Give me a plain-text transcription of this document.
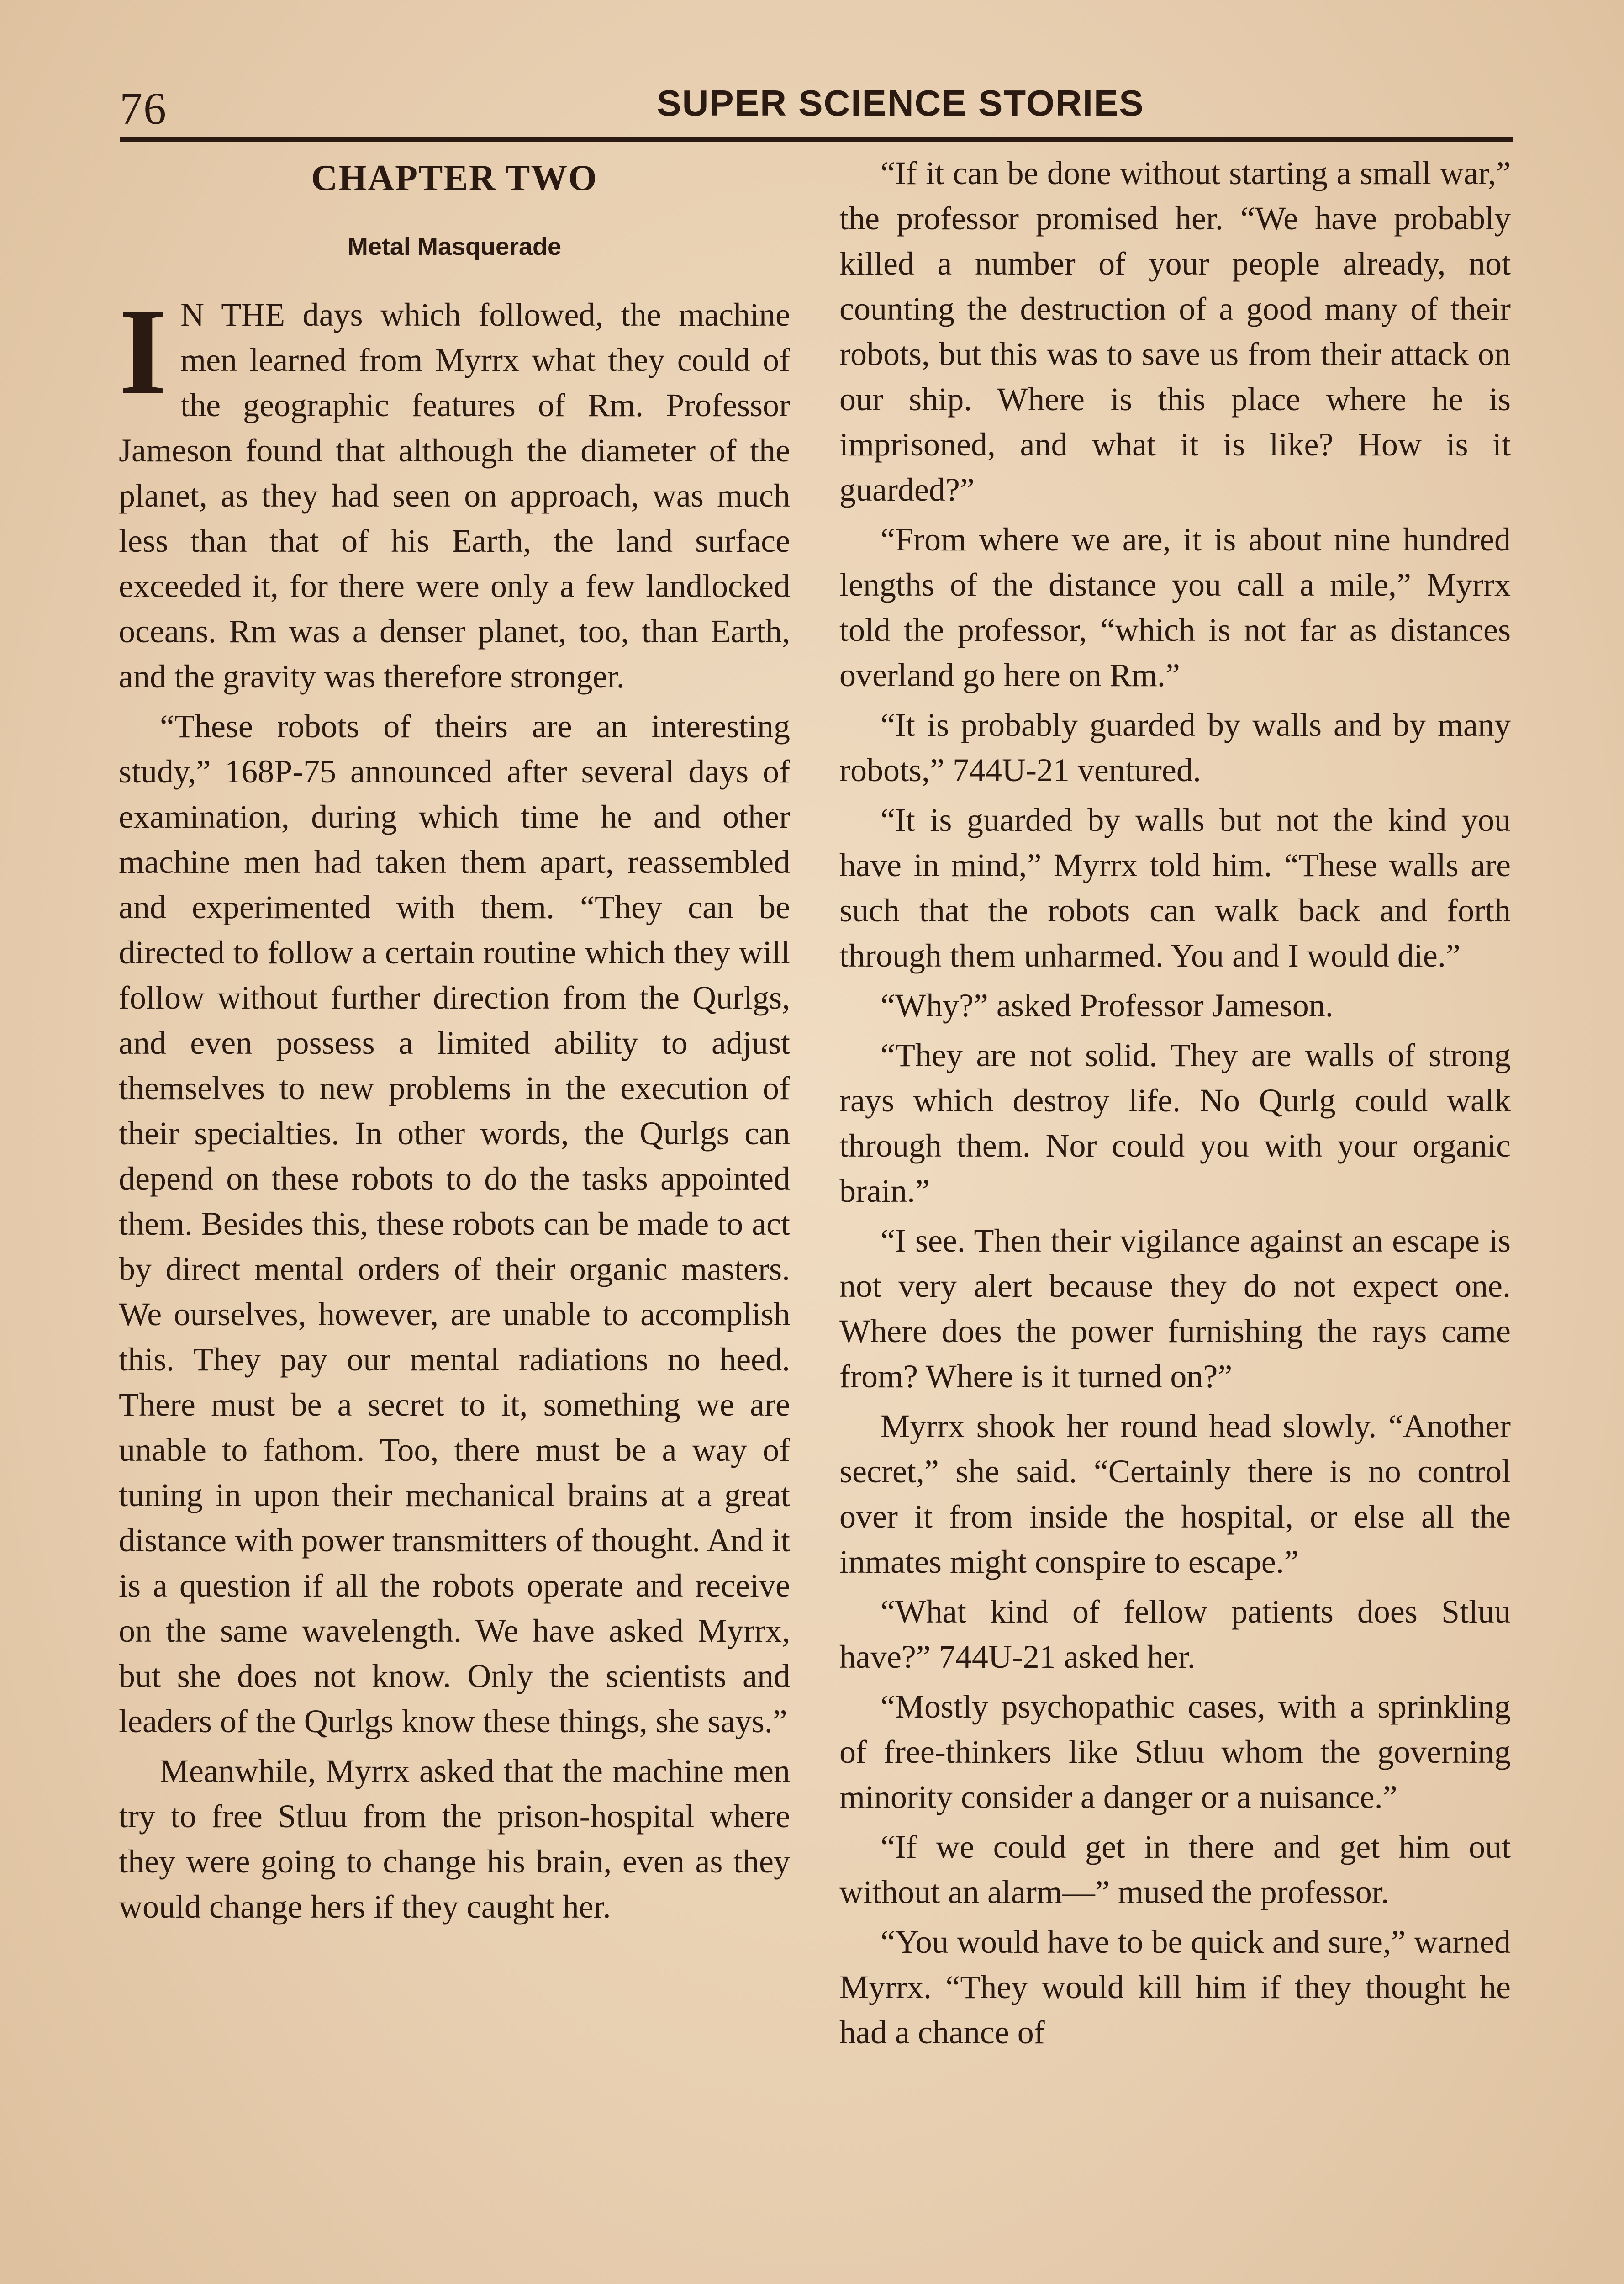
76	SUPER SCIENCE STORIES
CHAPTER TWO
Metal Masquerade

I N THE days which followed, the machine men learned from Myrrx what they could of the geographic features of Rm. Professor Jameson found that although the diameter of the planet, as they had seen on approach, was much less than that of his Earth, the land surface exceeded it, for there were only a few landlocked oceans. Rm was a denser planet, too, than Earth, and the gravity was therefore stronger.

“These robots of theirs are an interesting study,” 168P-75 announced after several days of examination, during which time he and other machine men had taken them apart, reassembled and experimented with them. “They can be directed to follow a certain routine which they will follow without further direction from the Qurlgs, and even possess a limited ability to adjust themselves to new problems in the execution of their specialties. In other words, the Qurlgs can depend on these robots to do the tasks appointed them. Besides this, these robots can be made to act by direct mental orders of their organic masters. We ourselves, however, are unable to accomplish this. They pay our mental radiations no heed. There must be a secret to it, something we are unable to fathom. Too, there must be a way of tuning in upon their mechanical brains at a great distance with power transmitters of thought. And it is a question if all the robots operate and receive on the same wavelength. We have asked Myrrx, but she does not know. Only the scientists and leaders of the Qurlgs know these things, she says.”

Meanwhile, Myrrx asked that the machine men try to free Stluu from the prison-hospital where they were going to change his brain, even as they would change hers if they caught her.

“If it can be done without starting a small war,” the professor promised her. “We have probably killed a number of your people already, not counting the destruction of a good many of their robots, but this was to save us from their attack on our ship. Where is this place where he is imprisoned, and what it is like? How is it guarded?”

“From where we are, it is about nine hundred lengths of the distance you call a mile,” Myrrx told the professor, “which is not far as distances overland go here on Rm.”

“It is probably guarded by walls and by many robots,” 744U-21 ventured.

“It is guarded by walls but not the kind you have in mind,” Myrrx told him. “These walls are such that the robots can walk back and forth through them unharmed. You and I would die.”

“Why?” asked Professor Jameson.

“They are not solid. They are walls of strong rays which destroy life. No Qurlg could walk through them. Nor could you with your organic brain.”

“I see. Then their vigilance against an escape is not very alert because they do not expect one. Where does the power furnishing the rays came from? Where is it turned on?”

Myrrx shook her round head slowly. “Another secret,” she said. “Certainly there is no control over it from inside the hospital, or else all the inmates might conspire to escape.”

“What kind of fellow patients does Stluu have?” 744U-21 asked her.

“Mostly psychopathic cases, with a sprinkling of free-thinkers like Stluu whom the governing minority consider a danger or a nuisance.”

“If we could get in there and get him out without an alarm—” mused the professor.

“You would have to be quick and sure,” warned Myrrx. “They would kill him if they thought he had a chance of
